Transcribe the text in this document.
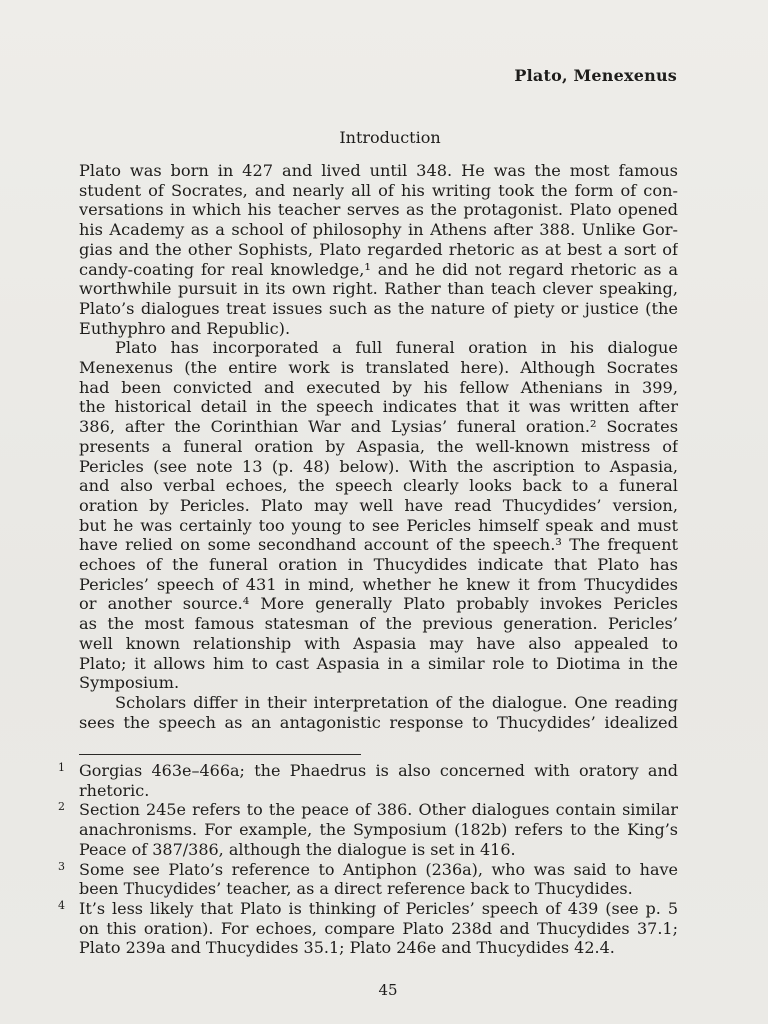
Plato, Menexenus
Introduction
Plato was born in 427 and lived until 348. He was the most famous
student of Socrates, and nearly all of his writing took the form of con-
versations in which his teacher serves as the protagonist. Plato opened
his Academy as a school of philosophy in Athens after 388. Unlike Gor-
gias and the other Sophists, Plato regarded rhetoric as at best a sort of
candy-coating for real knowledge,¹ and he did not regard rhetoric as a
worthwhile pursuit in its own right. Rather than teach clever speaking,
Plato’s dialogues treat issues such as the nature of piety or justice (the
Euthyphro and Republic).
Plato has incorporated a full funeral oration in his dialogue
Menexenus (the entire work is translated here). Although Socrates
had been convicted and executed by his fellow Athenians in 399,
the historical detail in the speech indicates that it was written after
386, after the Corinthian War and Lysias’ funeral oration.² Socrates
presents a funeral oration by Aspasia, the well-known mistress of
Pericles (see note 13 (p. 48) below). With the ascription to Aspasia,
and also verbal echoes, the speech clearly looks back to a funeral
oration by Pericles. Plato may well have read Thucydides’ version,
but he was certainly too young to see Pericles himself speak and must
have relied on some secondhand account of the speech.³ The frequent
echoes of the funeral oration in Thucydides indicate that Plato has
Pericles’ speech of 431 in mind, whether he knew it from Thucydides
or another source.⁴ More generally Plato probably invokes Pericles
as the most famous statesman of the previous generation. Pericles’
well known relationship with Aspasia may have also appealed to
Plato; it allows him to cast Aspasia in a similar role to Diotima in the
Symposium.
Scholars differ in their interpretation of the dialogue. One reading
sees the speech as an antagonistic response to Thucydides’ idealized
1 Gorgias 463e–466a; the Phaedrus is also concerned with oratory and
rhetoric.
2 Section 245e refers to the peace of 386. Other dialogues contain similar
anachronisms. For example, the Symposium (182b) refers to the King’s
Peace of 387/386, although the dialogue is set in 416.
3 Some see Plato’s reference to Antiphon (236a), who was said to have
been Thucydides’ teacher, as a direct reference back to Thucydides.
4 It’s less likely that Plato is thinking of Pericles’ speech of 439 (see p. 5
on this oration). For echoes, compare Plato 238d and Thucydides 37.1;
Plato 239a and Thucydides 35.1; Plato 246e and Thucydides 42.4.
45
